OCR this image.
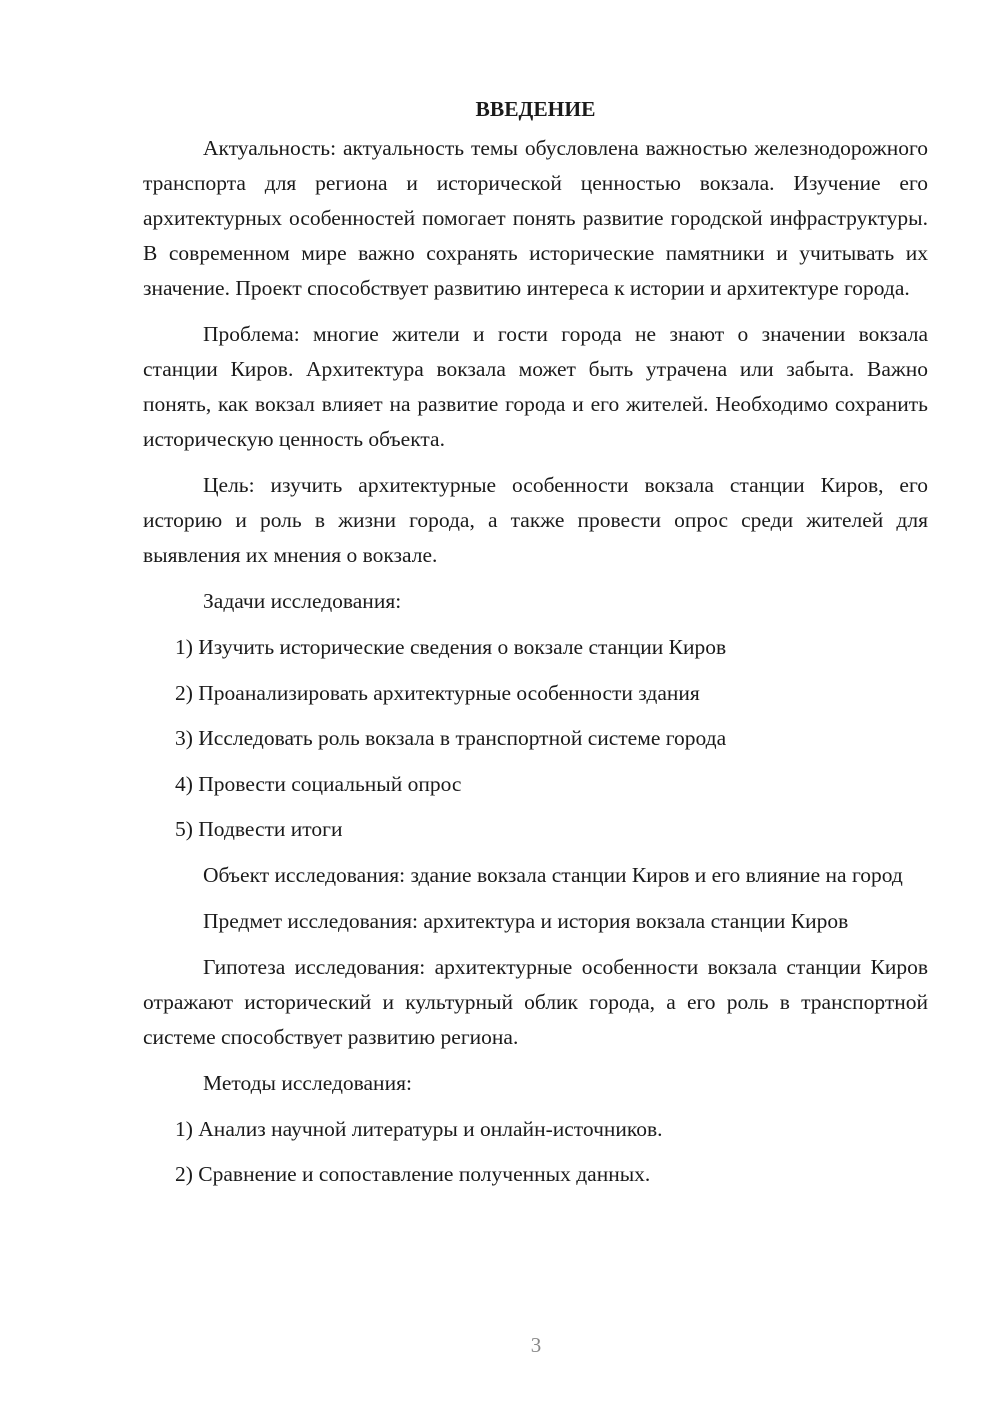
ВВЕДЕНИЕ

Актуальность: актуальность темы обусловлена важностью железнодорожного транспорта для региона и исторической ценностью вокзала. Изучение его архитектурных особенностей помогает понять развитие городской инфраструктуры. В современном мире важно сохранять исторические памятники и учитывать их значение. Проект способствует развитию интереса к истории и архитектуре города.

Проблема: многие жители и гости города не знают о значении вокзала станции Киров. Архитектура вокзала может быть утрачена или забыта. Важно понять, как вокзал влияет на развитие города и его жителей. Необходимо сохранить историческую ценность объекта.

Цель: изучить архитектурные особенности вокзала станции Киров, его историю и роль в жизни города, а также провести опрос среди жителей для выявления их мнения о вокзале.

Задачи исследования:

1) Изучить исторические сведения о вокзале станции Киров
2) Проанализировать архитектурные особенности здания
3) Исследовать роль вокзала в транспортной системе города
4) Провести социальный опрос
5) Подвести итоги

Объект исследования: здание вокзала станции Киров и его влияние на город

Предмет исследования: архитектура и история вокзала станции Киров

Гипотеза исследования: архитектурные особенности вокзала станции Киров отражают исторический и культурный облик города, а его роль в транспортной системе способствует развитию региона.

Методы исследования:

1) Анализ научной литературы и онлайн-источников.
2) Сравнение и сопоставление полученных данных.
3
